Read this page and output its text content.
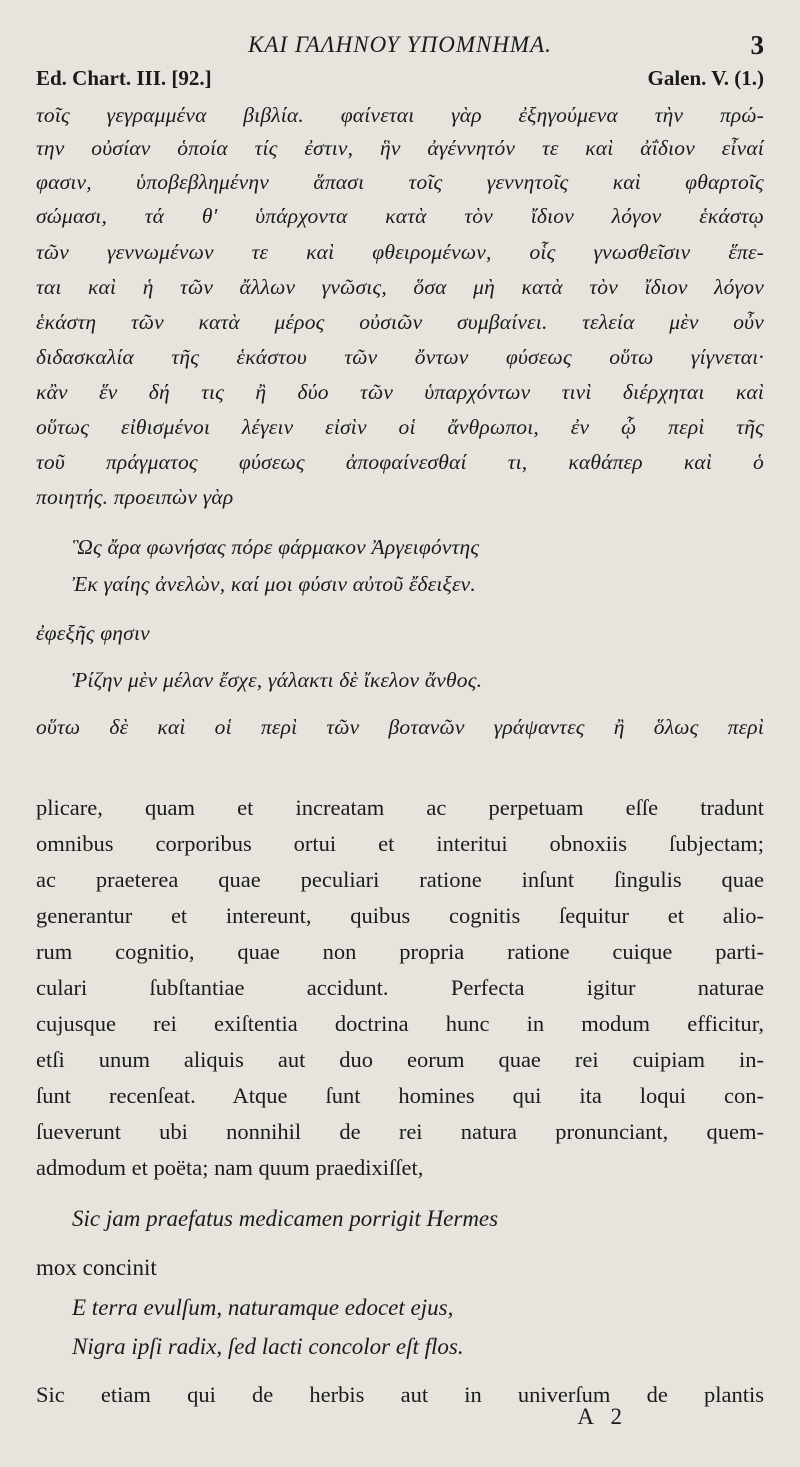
ΚΑΙ ΓΑΛΗΝΟΥ ΥΠΟΜΝΗΜΑ.	3
Ed. Chart. III. [92.]	Galen. V. (1.)
τοῖς γεγραμμένα βιβλία. φαίνεται γὰρ ἐξηγούμενα τὴν πρώ-
την οὐσίαν ὁποία τίς ἐστιν, ἣν ἀγέννητόν τε καὶ ἀΐδιον εἶναί
φασιν, ὑποβεβλημένην ἅπασι τοῖς γεννητοῖς καὶ φθαρτοῖς
σώμασι, τά θ' ὑπάρχοντα κατὰ τὸν ἴδιον λόγον ἑκάστῳ
τῶν γεννωμένων τε καὶ φθειρομένων, οἷς γνωσθεῖσιν ἕπε-
ται καὶ ἡ τῶν ἄλλων γνῶσις, ὅσα μὴ κατὰ τὸν ἴδιον λόγον
ἑκάστη τῶν κατὰ μέρος οὐσιῶν συμβαίνει. τελεία μὲν οὖν
διδασκαλία τῆς ἑκάστου τῶν ὄντων φύσεως οὕτω γίγνεται·
κἂν ἕν δή τις ἢ δύο τῶν ὑπαρχόντων τινὶ διέρχηται καὶ
οὕτως εἰθισμένοι λέγειν εἰσὶν οἱ ἄνθρωποι, ἐν ᾧ περὶ τῆς
τοῦ πράγματος φύσεως ἀποφαίνεσθαί τι, καθάπερ καὶ ὁ
ποιητής. προειπὼν γὰρ
Ὣς ἄρα φωνήσας πόρε φάρμακον Ἀργειφόντης
Ἐκ γαίης ἀνελὼν, καί μοι φύσιν αὐτοῦ ἔδειξεν.
ἐφεξῆς φησιν
Ῥίζην μὲν μέλαν ἔσχε, γάλακτι δὲ ἴκελον ἄνθος.
οὕτω δὲ καὶ οἱ περὶ τῶν βοτανῶν γράψαντες ἢ ὅλως περὶ
plicare, quam et increatam ac perpetuam eſſe tradunt
omnibus corporibus ortui et interitui obnoxiis ſubjectam;
ac praeterea quae peculiari ratione inſunt ſingulis quae
generantur et intereunt, quibus cognitis ſequitur et alio-
rum cognitio, quae non propria ratione cuique parti-
culari ſubſtantiae accidunt. Perfecta igitur naturae
cujusque rei exiſtentia doctrina hunc in modum efficitur,
etſi unum aliquis aut duo eorum quae rei cuipiam in-
ſunt recenſeat. Atque ſunt homines qui ita loqui con-
ſueverunt ubi nonnihil de rei natura pronunciant, quem-
admodum et poëta; nam quum praedixiſſet,
Sic jam praefatus medicamen porrigit Hermes
mox concinit
E terra evulſum, naturamque edocet ejus,
Nigra ipſi radix, ſed lacti concolor eſt flos.
Sic etiam qui de herbis aut in univerſum de plantis
A 2
